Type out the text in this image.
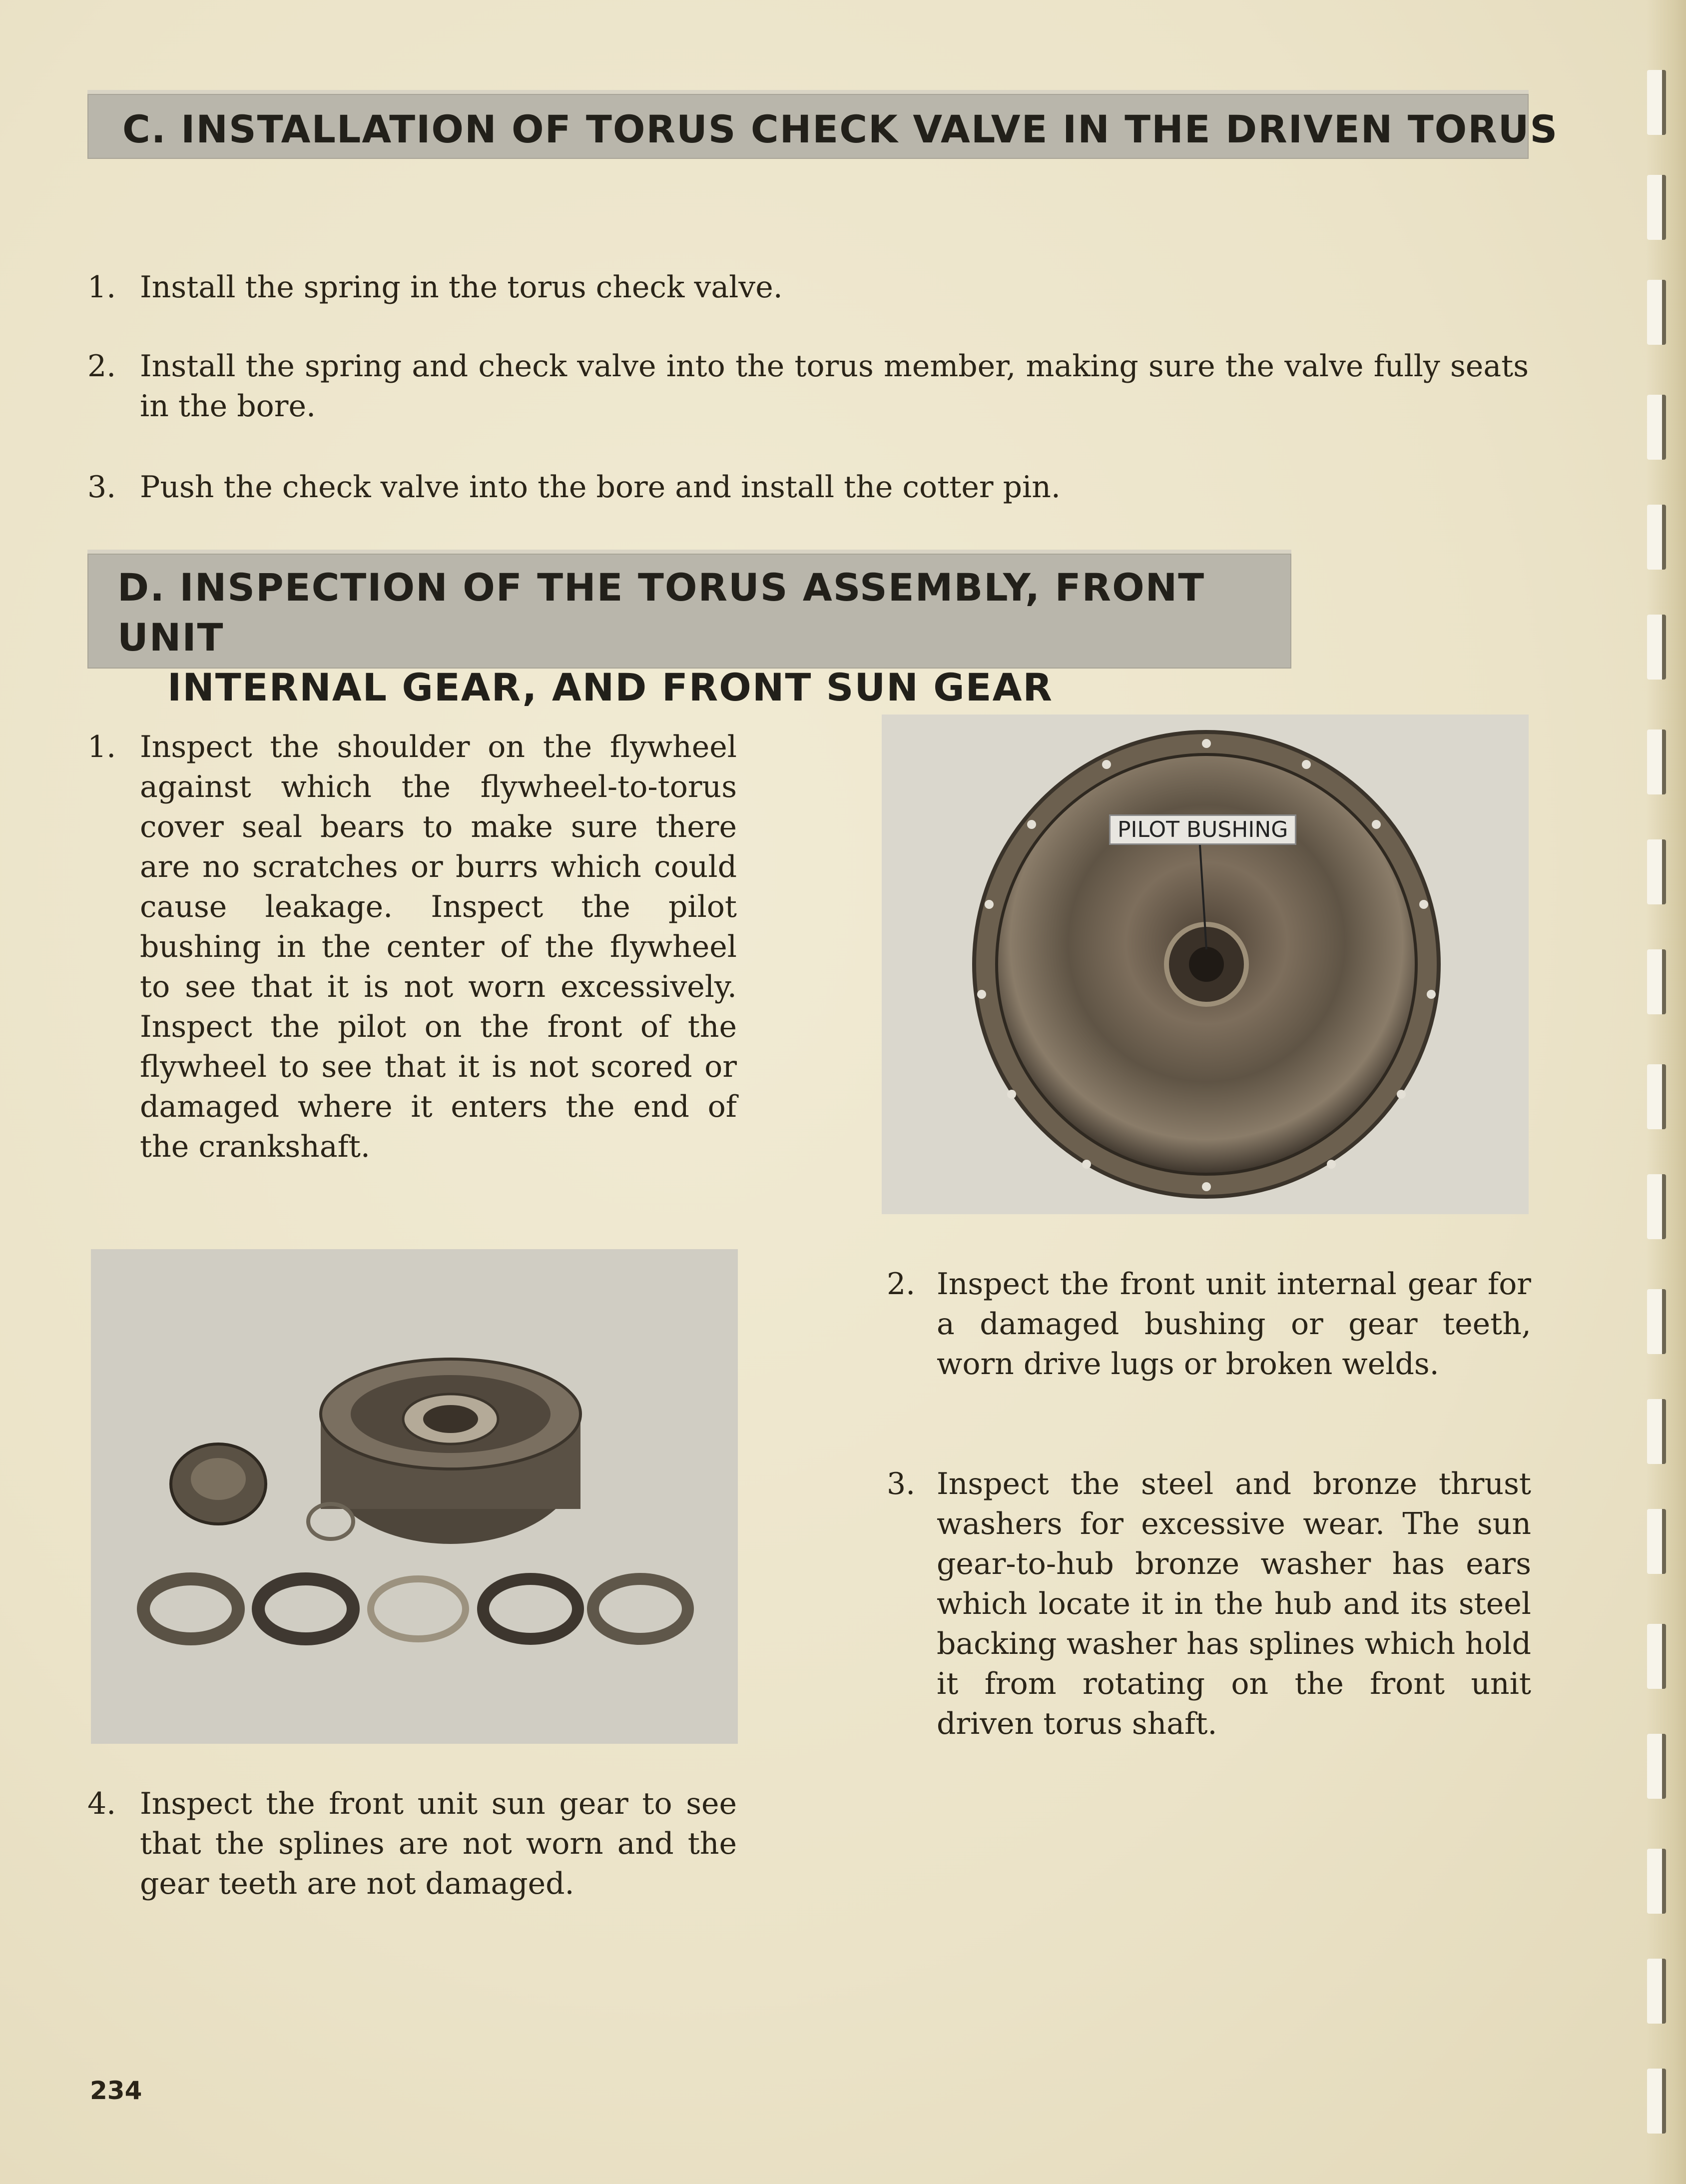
C. INSTALLATION OF TORUS CHECK VALVE IN THE DRIVEN TORUS

1. Install the spring in the torus check valve.

2. Install the spring and check valve into the torus member, making sure the valve fully seats in the bore.

3. Push the check valve into the bore and install the cotter pin.

D. INSPECTION OF THE TORUS ASSEMBLY, FRONT UNIT
INTERNAL GEAR, AND FRONT SUN GEAR

1. Inspect the shoulder on the flywheel against which the flywheel-to-torus cover seal bears to make sure there are no scratches or burrs which could cause leakage. Inspect the pilot bushing in the center of the flywheel to see that it is not worn excessively. Inspect the pilot on the front of the flywheel to see that it is not scored or damaged where it enters the end of the crankshaft.

PILOT BUSHING
2. Inspect the front unit internal gear for a damaged bushing or gear teeth, worn drive lugs or broken welds.

3. Inspect the steel and bronze thrust washers for excessive wear. The sun gear-to-hub bronze washer has ears which locate it in the hub and its steel backing washer has splines which hold it from rotating on the front unit driven torus shaft.

4. Inspect the front unit sun gear to see that the splines are not worn and the gear teeth are not damaged.

234
